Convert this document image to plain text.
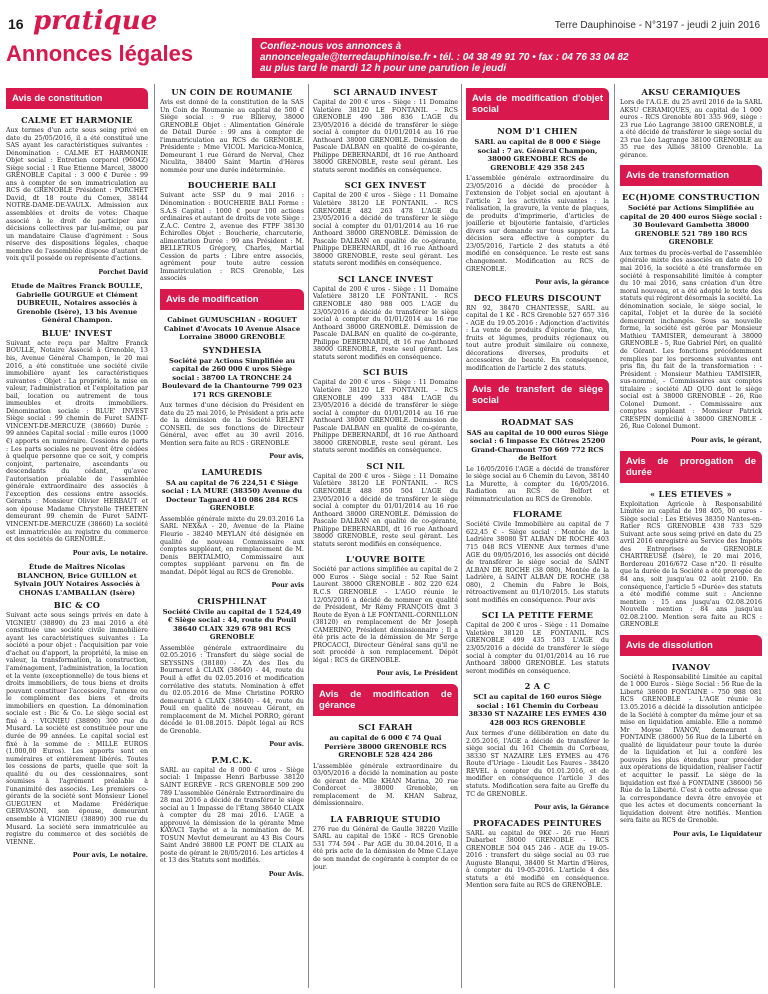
16 pratique	Terre Dauphinoise - N°3197 - jeudi 2 juin 2016
Annonces légales	Confiez-nous vos annonces à
annoncelegale@terredauphinoise.fr • tél. : 04 38 49 91 70 • fax : 04 76 33 04 82
au plus tard le mardi 12 h pour une parution le jeudi
Avis de constitution
CALME ET HARMONIE
Aux termes d'un acte sous seing privé en date du 25/05/2016, il a été constitué une SAS ayant les caractéristiques suivantes : Dénomination : CALME ET HARMONIE Objet social : Entretien corporel (9604Z) Siège social : 1 Rue Etienne Marcel, 38000 GRENOBLE Capital : 3 000 € Durée : 99 ans à compter de son immatriculation au RCS de GRENOBLE Président : PORCHET David, dt 18 route du Comex, 38144 NOTRE-DAME-DE-VAULX. Admission aux assemblées et droits de votes: Chaque associé à le droit de participer aux décisions collectives par lui-même, ou par un mandataire Clause d'agrément : Sous réserve des dispositions légales, chaque membre de l'assemblée dispose d'autant de voix qu'il possède ou représente d'actions.
Porchet David
Etude de Maîtres Franck BOULLE, Gabrielle GOURGUE et Clément DUBREUIL, Notaires associés à Grenoble (Isère), 13 bis Avenue Général Champon.
BLUE' INVEST
Suivant acte reçu par Maître Franck BOULLE, Notaire Associé à Grenoble, 13 bis, Avenue Général Champon, le 20 mai 2016, a été constituée une société civile immobilière ayant les caractéristiques suivantes : Objet : La propriété, la mise en valeur, l'administration et l'exploitation par bail, location ou autrement de tous immeubles et droits immobiliers. Dénomination sociale : BLUE' INVEST Siège social : 99 chemin de Furet SAINT-VINCENT-DE-MERCUZE (38660) Durée : 99 années Capital social : mille euros (1000 €) apports en numéraire. Cessions de parts : Les parts sociales ne peuvent être cédées à quelque personne que ce soit, y compris conjoint, partenaire, ascendants ou descendants du cédant, qu'avec l'autorisation préalable de l'assemblée générale extraordinaire des associés à l'exception des cessions entre associés. Gérants : Monsieur Olivier HERBAUT et son épouse Madame Chrystelle THEETEN demeurant 99 chemin de Furet SAINT-VINCENT-DE-MERCUZE (38660) La société est immatriculée au registre du commerce et des sociétés de GRENOBLE.
Pour avis, Le notaire.
Étude de Maîtres Nicolas BLANCHON, Brice GUILLON et Sylvain JOUY Notaires Associés à CHONAS L'AMBALLAN (Isère)
BIC & CO
Suivant acte sous seings privés en date à VIGNIEU (38890) du 23 mai 2016 a été constituée une société civile immobilière ayant les caractéristiques suivantes : La société a pour objet : l'acquisition par voie d'achat ou d'apport, la propriété, la mise en valeur, la transformation, la construction, l'aménagement, l'administration, la location et la vente (exceptionnelle) de tous biens et droits immobiliers, de tous biens et droits pouvant constituer l'accessoire, l'annexe ou le complément des biens et droits immobiliers en question. La dénomination sociale est : Bic & Co. Le siège social est fixé à : VIGNIEU (38890) 300 rue du Musard. La société est constituée pour une durée de 99 années. Le capital social est fixé à la somme de : MILLE EUROS (1.000,00 Euros). Les apports sont en numéraires et entièrement libérés. Toutes les cessions de parts, quelle que soit la qualité du ou des cessionnaires, sont soumises à l'agrément préalable à l'unanimité des associés. Les premiers co-gérants de la société sont Monsieur Lionel GUEGUEN et Madame Frédérique GERVASONI, son épouse, demeurant ensemble à VIGNIEU (38890) 300 rue du Musard. La société sera immatriculée au registre du commerce et des sociétés de VIENNE.
Pour avis, Le notaire.
UN COIN DE ROUMANIE
Avis est donné de la constitution de la SAS Un Coin de Roumanie au capital de 500 € Siège social : 9 rue Billerey, 38000 GRENOBLE Objet : Alimentation Générale de Détail Durée : 99 ans à compter de l'immatriculation au RCS de GRENOBLE. Présidente : Mme VICOL Maricica-Monica, Demeurant 1 rue Gérard de Nerval, Chez Niculita, 38400 Saint Martin d'Hères nommée pour une durée indéterminée.
BOUCHERIE BALI
Suivant acte SSP du 9 mai 2016 : Dénomination : BOUCHERIE BALI Forme : S.A.S Capital : 1000 € pour 100 actions ordinaires et autant de droits de vote Siège : Z.A.C. Centre 2, avenue des FTPF 38130 Échirolles Objet : Boucherie, charcuterie, alimentation Durée : 99 ans Président : M. BELLETRUS Grégory, Charles, Martial Cession de parts : Libre entre associés, agrément pour toute autre cession Immatriculation : RCS Grenoble, Les associés
Avis de modification
Cabinet GUMUSCHIAN - ROGUET Cabinet d'Avocats 10 Avenue Alsace Lorraine 38000 GRENOBLE
SYNDHESIA
Société par Actions Simplifiée au capital de 260 000 € uros Siège social : 38700 LA TRONCHE 24 Boulevard de la Chantourne 799 023 171 RCS GRENOBLE
Aux termes d'une décision du Président en date du 25 mai 2016, le Président a pris acte de la démission de la Société RELENT CONSEIL de ses fonctions de Directeur Général, avec effet au 30 avril 2016. Mention sera faite au RCS : GRENOBLE
Pour avis,
LAMUREDIS
SA au capital de 76 224,51 € Siège social : LA MURE (38350) Avenue du Docteur Tagnard 410 086 284 RCS GRENOBLE
Assemblée générale mixte du 29.03.2016 La SARL NEX&A - 20, Avenue de la Plaine Fleurie - 38240 MEYLAN été désignée en qualité de nouveau Commissaire aux comptes suppléant, en remplacement de M. Denis BERTALMIO, Commissaire aux comptes suppléant parvenu en fin de mandat. Dépôt légal au RCS de Grenoble.
Pour avis
CRISPHILNAT
Société Civile au capital de 1 524,49 € Siège social : 44, route du Pouil 38640 CLAIX 329 678 981 RCS GRENOBLE
Assemblée générale extraordinaire du 02.05.2016 : Transfert du siège social de SEYSSINS (38180) - ZA des Iles du Bourneret à CLAIX (38640) - 44, route du Pouil à effet du 02.05.2016 et modification corrélative des statuts. Nomination à effet du 02.05.2016 de Mme Christine PORRO demeurant à CLAIX (38640) - 44, route du Pouil en qualité de nouveau Gérant, en remplacement de M. Michel PORRO, gérant décédé le 01.08.2015. Dépôt légal au RCS de Grenoble.
Pour avis.
P.M.C.K.
SARL au capital de 8 000 € uros - Siège social: 1 Impasse Henri Barbusse 38120 SAINT EGRÈVE - RCS GRENOBLE 509 290 789 L'assemblée Générale Extraordinaire du 28 mai 2016 a décidé de transférer le siège social au 1 Impasse de l'Étang 38640 CLAIX à compter du 28 mai 2016. L'AGE a approuvé la démission de la gérante Mme KAYACI Tayhe et a la nomination de M. TOSUN Mevlut demeurant au 43 Bis Cours Saint André 38800 LE PONT DE CLAIX au poste de gérant le 28/05/2016. Les articles 4 et 13 des Statuts sont modifiés.
Pour Avis.
SCI ARNAUD INVEST
Capital de 200 € uros - Siège : 11 Domaine Valetière 38120 LE FONTANIL - RCS GRENOBLE 490 386 836 L'AGE du 23/05/2016 a décidé de transférer le siège social à compter du 01/01/2014 au 16 rue Anthoard 38000 GRENOBLE. Démission de Pascale DALBAN en qualité de co-gérante, Philippe DEBERNARDI, dt 16 rue Anthoard 38000 GRENOBLE, reste seul gérant. Les statuts seront modifiés en conséquence.
SCI GEX INVEST
Capital de 200 € uros - Siège : 11 Domaine Valetière 38120 LE FONTANIL - RCS GRENOBLE 482 263 478 L'AGE du 23/05/2016 a décidé de transférer le siège social à compter du 01/01/2014 au 16 rue Anthoard 38000 GRENOBLE. Démission de Pascale DALBAN en qualité de co-gérante, Philippe DEBERNARDI, dt 16 rue Anthoard 38000 GRENOBLE, reste seul gérant. Les statuts seront modifiés en conséquence.
SCI LANCE INVEST
Capital de 200 € uros - Siège : 11 Domaine Valetière 38120 LE FONTANIL - RCS GRENOBLE 480 988 005 L'AGE du 23/05/2016 a décidé de transférer le siège social à compter du 01/01/2014 au 16 rue Anthoard 38000 GRENOBLE. Démission de Pascale DALBAN en qualité de co-gérante, Philippe DEBERNARDI, dt 16 rue Anthoard 38000 GRENOBLE, reste seul gérant. Les statuts seront modifiés en conséquence.
SCI BUIS
Capital de 200 € uros - Siège : 11 Domaine Valetière 38120 LE FONTANIL - RCS GRENOBLE 499 333 484 L'AGE du 23/05/2016 a décidé de transférer le siège social à compter du 01/01/2014 au 16 rue Anthoard 38000 GRENOBLE. Démission de Pascale DALBAN en qualité de co-gérante, Philippe DEBERNARDI, dt 16 rue Anthoard 38000 GRENOBLE, reste seul gérant. Les statuts seront modifiés en conséquence.
SCI NIL
Capital de 200 € uros - Siège : 11 Domaine Valetière 38120 LE FONTANIL - RCS GRENOBLE 488 850 504 L'AGE du 23/05/2016 a décidé de transférer le siège social à compter du 01/01/2014 au 16 rue Anthoard 38000 GRENOBLE. Démission de Pascale DALBAN en qualité de co-gérante, Philippe DEBERNARDI, dt 16 rue Anthoard 38000 GRENOBLE, reste seul gérant. Les statuts seront modifiés en conséquence.
L'OUVRE BOITE
Société par actions simplifiée au capital de 2 000 Euros - Siège social : 52 Rue Saint Laurent 38000 GRENOBLE - 802 220 624 R.C.S GRENOBLE - L'AGO réunie le 12/05/2016 a décidé de nommer en qualité de Président, Mr Rémy FRANÇOIS dmt 3 Route de Eyen à LE FONTANIL-CORNILLON (38120) en remplacement de Mr Joseph CAMERINO, Président démissionnaire ; Il a été pris acte de la démission de Mr Serge PROCACCI, Directeur Général sans qu'il ne soit procédé à son remplacement. Dépôt légal : RCS de GRENOBLE.
Pour avis, Le Président
Avis de modification de gérance
SCI FARAH
au capital de 6 000 € 74 Quai Perrière 38000 GRENOBLE RCS GRENOBLE 528 424 286
L'assemblée générale extraordinaire du 03/05/2016 a décidé la nomination au poste de gérant de Mlle KHAN Marina, 20 rue Condorcet - 38000 Grenoble, en remplacement de M. KHAN Sabraz, démissionnaire.
LA FABRIQUE STUDIO
276 rue du Général de Gaulle 38220 Vizille SARL au capital de 15K€ - RCS Grenoble 531 774 594 - Par AGE du 30.04.2016, Il a été pris acte de la démission de Mme C.Laye de son mandat de cogérante à compter de ce jour.
Avis de modification d'objet social
NOM D'1 CHIEN
SARL au capital de 8 000 € Siège social : 7 av. Général Champon, 38000 GRENOBLE RCS de GRENOBLE 429 358 245
L'assemblée générale extraordinaire du 23/05/2016 a décidé de procéder à l'extension de l'objet social en ajoutant à l'article 2 les activités suivantes : la réalisation, la gravure, la vente de plaques, de produits d'imprimerie, d'articles de joaillerie et bijouterie fantaisie, d'articles divers sur demande sur tous supports. La décision sera effective à compter du 23/05/2016, l'article 2 des statuts a été modifié en conséquence. Le reste est sans changement. Modification au RCS de GRENOBLE.
Pour avis, la gérance
DECO FLEURS DISCOUNT
RN 92, 38470 CHANTESSE, SARL au capital de 1 K€ - RCS Grenoble 527 657 316 - AGE du 19.05.2016 : Adjonction d'activités : La vente de produits d'épicerie fine, vin, fruits et légumes, produits régionaux ou tout autre produit similaire ou connexe, décorations diverses, produits et accessoires de beauté. En conséquence, modification de l'article 2 des statuts.
Avis de transfert de siège social
ROADMAT SAS
SAS au capital de 10 000 euros Siège social : 6 Impasse Ex Clôtres 25200 Grand-Charmont 750 669 772 RCS de Belfort
Le 16/05/2016 l'AGE a décidé de transférer le siège social au 6 Chemin du Levon, 38140 La Murette, à compter du 16/05/2016. Radiation au RCS de Belfort et réimmatriculation au RCS de Grenoble.
FLORAME
Société Civile Immobilière au capital de 7 622,45 € - Siège social : Montée de la Ladrière 38080 ST ALBAN DE ROCHE 403 715 048 RCS VIENNE Aux termes d'une AGE du 09/05/2016, les associés ont décidé de transférer le siège social de SAINT ALBAN DE ROCHE (38 080), Montée de la Ladrière, à SAINT ALBAN DE ROCHE (38 080), 2 Chemin du Fabre le Bois, rétroactivement au 01/10/2015. Les statuts sont modifiés en conséquence. Pour avis
SCI LA PETITE FERME
Capital de 200 € uros - Siège : 11 Domaine Valetière 38120 LE FONTANIL RCS GRENOBLE 499 435 503 L'AGE du 23/05/2016 a décidé de transférer le siège social à compter du 01/01/2014 au 16 rue Anthoard 38000 GRENOBLE. Les statuts seront modifiés en conséquence.
2 A C
SCI au capital de 160 euros Siège social : 161 Chemin du Corbeau 38330 ST NAZAIRE LES EYMES 430 428 003 RCS GRENOBLE
Aux termes d'une délibération en date du 2.05.2016, l'AGE a décidé de transférer le siège social du 161 Chemin du Corbeau, 38330 ST NAZAIRE LES EYMES au 476 Route d'Uriage - Lieudit Les Faures - 38420 REVEL à compter du 01.01.2016, et de modifier en conséquence l'article 3 des statuts. Modification sera faite au Greffe du TC de GRENOBLE.
Pour avis, la Gérance
PROFACADES PEINTURES
SARL au capital de 9K€ - 26 rue Henri Dubarbet 38000 GRENOBLE - RCS GRENOBLE 504 045 246 - AGE du 19-05-2016 : transfert du siège social au 03 rue Auguste Blanqui, 38400 St Martin d'Hères, à compter du 19-05-2016. L'article 4 des statuts a été modifié en conséquence. Mention sera faite au RCS de GRENOBLE.
AKSU CERAMIQUES
Lors de l'A.G.E. du 25 avril 2016 de la SARL AKSU CERAMIQUES, au capital de 1 000 euros - RCS Grenoble 801 335 969, siège : 23 rue Léo Lagrange 38100 GRENOBLE, il a été décidé de transférer le siège social du 23 rue Léo Lagrange 38100 GRENOBLE au 35 rue des Alliés 38100 Grenoble. La gérance.
Avis de transformation
EC(H)OME CONSTRUCTION
Société par Actions Simplifiée au capital de 20 400 euros Siège social : 30 Boulevard Gambetta 38000 GRENOBLE 521 789 180 RCS GRENOBLE
Aux termes du procès-verbal de l'assemblée générale mixte des associés en date du 10 mai 2016, la société a été transformée en société à responsabilité limitée à compter du 10 mai 2016, sans création d'un être moral nouveau, et a été adopté le texte des statuts qui régiront désormais la société. La dénomination sociale, le siège social, le capital, l'objet et la durée de la société demeurent inchangés. Sous sa nouvelle forme, la société est gérée par Monsieur Mathieu TAMISIER, demeurant à 38000 GRENOBLE - 5, Rue Gabriel Péri, en qualité de Gérant. Les fonctions précédemment remplies par les personnes suivantes ont pris fin, du fait de la transformation : - Président : Monsieur Mathieu TAMISIER, sus-nommé, - Commissaires aux comptes titulaire : société AD QUO dont le siège social est à 38000 GRENOBLE - 26, Rue Colonel Dumont. - Commissaire aux comptes suppléant : Monsieur Patrick CRESPIN domicilié à 38000 GRENOBLE - 26, Rue Colonel Dumont.
Pour avis, le gérant,
Avis de prorogation de durée
« LES ETIEVES »
Exploitation Agricole à Responsabilité Limitée au capital de 198 405, 00 euros - Siège social : Les Etiéves 38350 Nantes-en-Ratier RCS GRENOBLE 438 733 529 Suivant acte sous seing privé en date du 25 avril 2016 enregistré au Service des Impôts des Entreprises de GRENOBLE CHARTREUSE (Isère), le 20 mai 2016, Bordereau 2016/672 Case n°20. Il résulte que la durée de la Société a été prorogée de 84 ans, soit jusqu'au 02 août 2100. En conséquence, l'article 5 «Durée» des statuts a été modifié comme suit : Ancienne mention : 15 ans jusqu'au 02.08.2016 Nouvelle mention : 84 ans jusqu'au 02.08.2100. Mention sera faite au RCS : GRENOBLE
Avis de dissolution
IVANOV
Société à Responsabilité Limitée au capital de 1 000 Euros - Siège Social : 56 Rue de la Liberté 38600 FONTAINE - 750 988 081 RCS GRENOBLE - L'AGE réunie le 13.05.2016 a décidé la dissolution anticipée de la Société à compter du même jour et sa mise en liquidation amiable. Elle a nommé Mr Moyse IVANOV, demeurant à FONTAINE (38600) 56 Rue de la Liberté en qualité de liquidateur pour toute la durée de la liquidation et lui a conféré les pouvoirs les plus étendus pour procéder aux opérations de liquidation, réaliser l'actif et acquitter le passif. Le siège de la liquidation est fixé à FONTAINE (38600) 56 Rue de la Liberté. C'est à cette adresse que la correspondance devra être envoyée et que les actes et documents concernant la liquidation doivent être notifiés. Mention sera faite au RCS de Grenoble.
Pour avis, Le Liquidateur
